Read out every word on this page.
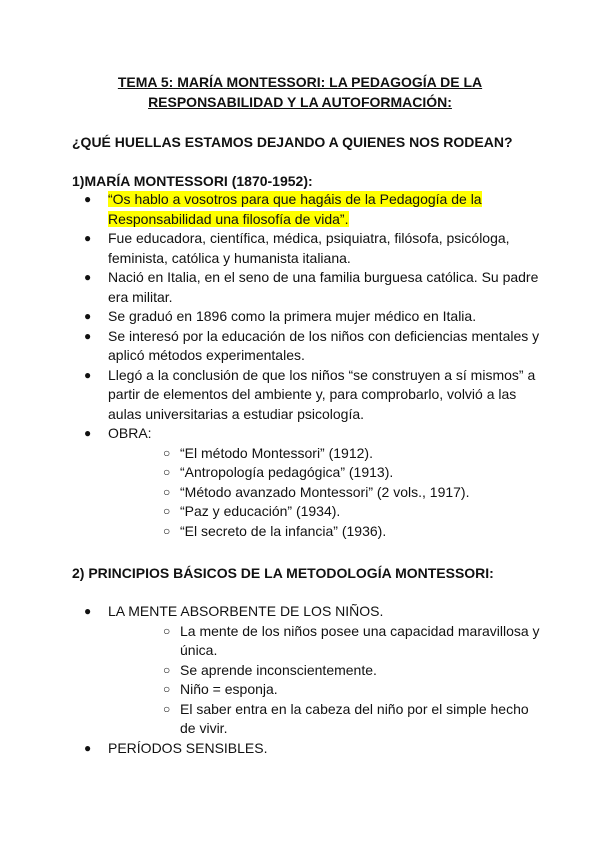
TEMA 5: MARÍA MONTESSORI: LA PEDAGOGÍA DE LA
RESPONSABILIDAD Y LA AUTOFORMACIÓN:
¿QUÉ HUELLAS ESTAMOS DEJANDO A QUIENES NOS RODEAN?
1)MARÍA MONTESSORI (1870-1952):
● “Os hablo a vosotros para que hagáis de la Pedagogía de la Responsabilidad una filosofía de vida”.
● Fue educadora, científica, médica, psiquiatra, filósofa, psicóloga, feminista, católica y humanista italiana.
● Nació en Italia, en el seno de una familia burguesa católica. Su padre era militar.
● Se graduó en 1896 como la primera mujer médico en Italia.
● Se interesó por la educación de los niños con deficiencias mentales y aplicó métodos experimentales.
● Llegó a la conclusión de que los niños “se construyen a sí mismos” a partir de elementos del ambiente y, para comprobarlo, volvió a las aulas universitarias a estudiar psicología.
● OBRA:
○ “El método Montessori” (1912).
○ “Antropología pedagógica” (1913).
○ “Método avanzado Montessori” (2 vols., 1917).
○ “Paz y educación” (1934).
○ “El secreto de la infancia” (1936).
2) PRINCIPIOS BÁSICOS DE LA METODOLOGÍA MONTESSORI:
● LA MENTE ABSORBENTE DE LOS NIÑOS.
○ La mente de los niños posee una capacidad maravillosa y única.
○ Se aprende inconscientemente.
○ Niño = esponja.
○ El saber entra en la cabeza del niño por el simple hecho de vivir.
● PERÍODOS SENSIBLES.
